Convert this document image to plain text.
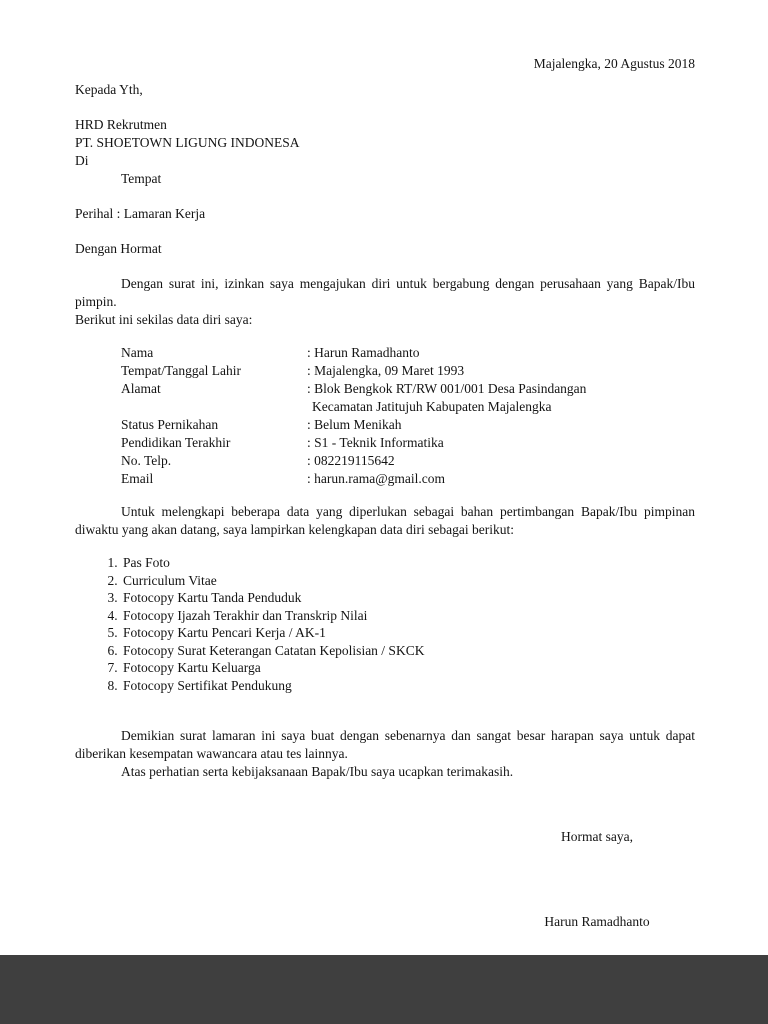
Majalengka, 20 Agustus 2018
Kepada Yth,
HRD Rekrutmen
PT. SHOETOWN LIGUNG INDONESA
Di
Tempat
Perihal : Lamaran Kerja
Dengan Hormat

Dengan surat ini, izinkan saya mengajukan diri untuk bergabung dengan perusahaan yang Bapak/Ibu pimpin.

Berikut ini sekilas data diri saya:

Nama	: Harun Ramadhanto
Tempat/Tanggal Lahir	: Majalengka, 09 Maret 1993
Alamat	: Blok Bengkok RT/RW 001/001 Desa Pasindangan
Kecamatan Jatitujuh Kabupaten Majalengka
Status Pernikahan	: Belum Menikah
Pendidikan Terakhir	: S1 - Teknik Informatika
No. Telp.	: 082219115642
Email	: harun.rama@gmail.com

Untuk melengkapi beberapa data yang diperlukan sebagai bahan pertimbangan Bapak/Ibu pimpinan diwaktu yang akan datang, saya lampirkan kelengkapan data diri sebagai berikut:

1. Pas Foto
2. Curriculum Vitae
3. Fotocopy Kartu Tanda Penduduk
4. Fotocopy Ijazah Terakhir dan Transkrip Nilai
5. Fotocopy Kartu Pencari Kerja / AK-1
6. Fotocopy Surat Keterangan Catatan Kepolisian / SKCK
7. Fotocopy Kartu Keluarga
8. Fotocopy Sertifikat Pendukung

Demikian surat lamaran ini saya buat dengan sebenarnya dan sangat besar harapan saya untuk dapat diberikan kesempatan wawancara atau tes lainnya.

Atas perhatian serta kebijaksanaan Bapak/Ibu saya ucapkan terimakasih.

Hormat saya,
Harun Ramadhanto
